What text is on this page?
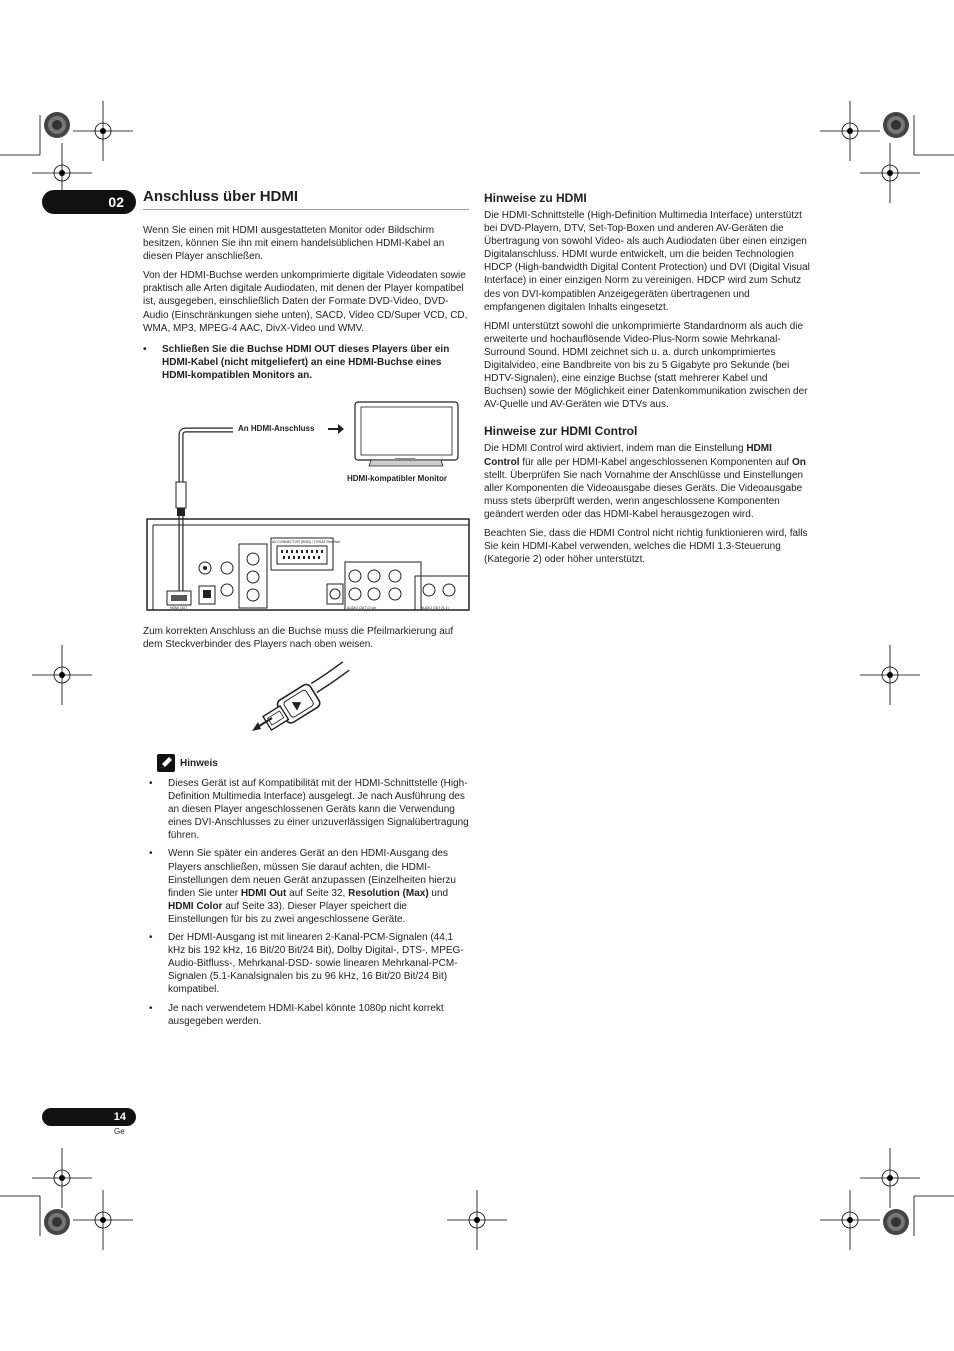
02	Anschluss über HDMI

Wenn Sie einen mit HDMI ausgestatteten Monitor oder Bildschirm besitzen, können Sie ihn mit einem handelsüblichen HDMI-Kabel an diesen Player anschließen.

Von der HDMI-Buchse werden unkomprimierte digitale Videodaten sowie praktisch alle Arten digitale Audiodaten, mit denen der Player kompatibel ist, ausgegeben, einschließlich Daten der Formate DVD-Video, DVD-Audio (Einschränkungen siehe unten), SACD, Video CD/Super VCD, CD, WMA, MP3, MPEG-4 AAC, DivX-Video und WMV.

•	Schließen Sie die Buchse HDMI OUT dieses Players über ein HDMI-Kabel (nicht mitgeliefert) an eine HDMI-Buchse eines HDMI-kompatiblen Monitors an.
AV CONNECTOR (RGB) / TV/SAT Receiver
HDMI OUT	AUDIO OUT (2 ch)	AUDIO OUT (5.1)
An HDMI-Anschluss
HDMI-kompatibler Monitor

Zum korrekten Anschluss an die Buchse muss die Pfeilmarkierung auf dem Steckverbinder des Players nach oben weisen.

Hinweis
•	Dieses Gerät ist auf Kompatibilität mit der HDMI-Schnittstelle (High-Definition Multimedia Interface) ausgelegt. Je nach Ausführung des an diesen Player angeschlossenen Geräts kann die Verwendung eines DVI-Anschlusses zu einer unzuverlässigen Signalübertragung führen.
•	Wenn Sie später ein anderes Gerät an den HDMI-Ausgang des Players anschließen, müssen Sie darauf achten, die HDMI-Einstellungen dem neuen Gerät anzupassen (Einzelheiten hierzu finden Sie unter HDMI Out auf Seite 32, Resolution (Max) und HDMI Color auf Seite 33). Dieser Player speichert die Einstellungen für bis zu zwei angeschlossene Geräte.
•	Der HDMI-Ausgang ist mit linearen 2-Kanal-PCM-Signalen (44,1 kHz bis 192 kHz, 16 Bit/20 Bit/24 Bit), Dolby Digital-, DTS-, MPEG-Audio-Bitfluss-, Mehrkanal-DSD- sowie linearen Mehrkanal-PCM-Signalen (5.1-Kanalsignalen bis zu 96 kHz, 16 Bit/20 Bit/24 Bit) kompatibel.
•	Je nach verwendetem HDMI-Kabel könnte 1080p nicht korrekt ausgegeben werden.
Hinweise zu HDMI

Die HDMI-Schnittstelle (High-Definition Multimedia Interface) unterstützt bei DVD-Playern, DTV, Set-Top-Boxen und anderen AV-Geräten die Übertragung von sowohl Video- als auch Audiodaten über einen einzigen Digitalanschluss. HDMI wurde entwickelt, um die beiden Technologien HDCP (High-bandwidth Digital Content Protection) und DVI (Digital Visual Interface) in einer einzigen Norm zu vereinigen. HDCP wird zum Schutz des von DVI-kompatiblen Anzeigegeräten übertragenen und empfangenen digitalen Inhalts eingesetzt.

HDMI unterstützt sowohl die unkomprimierte Standardnorm als auch die erweiterte und hochauflösende Video-Plus-Norm sowie Mehrkanal-Surround Sound. HDMI zeichnet sich u. a. durch unkomprimiertes Digitalvideo, eine Bandbreite von bis zu 5 Gigabyte pro Sekunde (bei HDTV-Signalen), eine einzige Buchse (statt mehrerer Kabel und Buchsen) sowie der Möglichkeit einer Datenkommunikation zwischen der AV-Quelle und AV-Geräten wie DTVs aus.

Hinweise zur HDMI Control

Die HDMI Control wird aktiviert, indem man die Einstellung HDMI Control für alle per HDMI-Kabel angeschlossenen Komponenten auf On stellt. Überprüfen Sie nach Vornahme der Anschlüsse und Einstellungen aller Komponenten die Videoausgabe dieses Geräts. Die Videoausgabe muss stets überprüft werden, wenn angeschlossene Komponenten geändert werden oder das HDMI-Kabel herausgezogen wird.

Beachten Sie, dass die HDMI Control nicht richtig funktionieren wird, falls Sie kein HDMI-Kabel verwenden, welches die HDMI 1.3-Steuerung (Kategorie 2) oder höher unterstützt.

14
Ge
